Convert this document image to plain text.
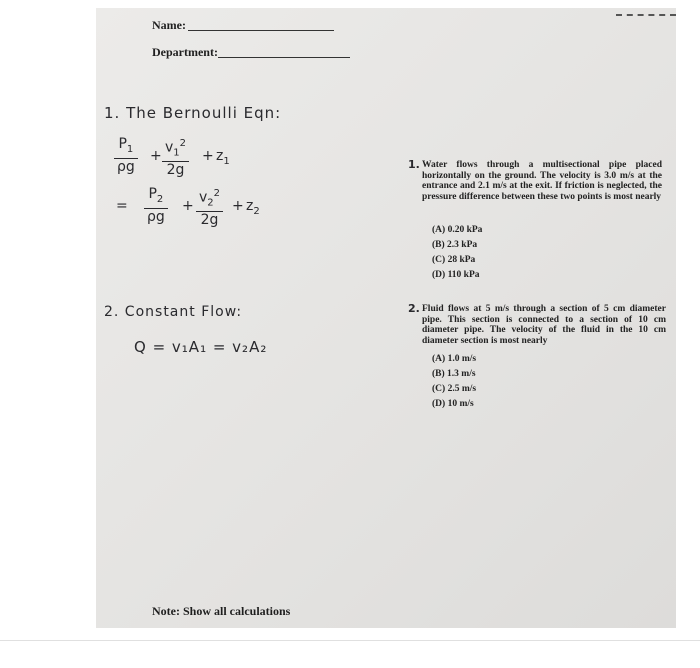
Name:
Department:
1. The Bernoulli Eqn:
$P_1$
ρg
+
$v_1^2$
2g
+ $z_1$
=
$P_2$
ρg
+
$v_2^2$
2g
+ $z_2$
2. Constant Flow:
Q = v₁A₁ = v₂A₂
1. Water flows through a multisectional pipe placed horizontally on the ground. The velocity is 3.0 m/s at the entrance and 2.1 m/s at the exit. If friction is neglected, the pressure difference between these two points is most nearly
(A) 0.20 kPa
(B) 2.3 kPa
(C) 28 kPa
(D) 110 kPa
2. Fluid flows at 5 m/s through a section of 5 cm diameter pipe. This section is connected to a section of 10 cm diameter pipe. The velocity of the fluid in the 10 cm diameter section is most nearly
(A) 1.0 m/s
(B) 1.3 m/s
(C) 2.5 m/s
(D) 10 m/s
Note: Show all calculations
